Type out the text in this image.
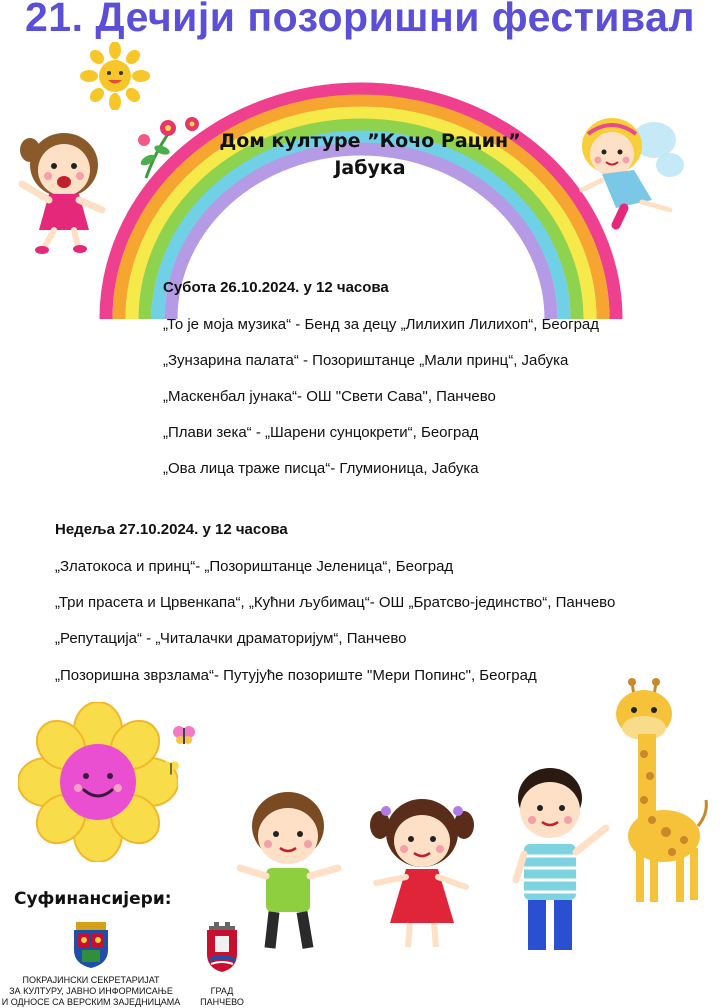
21. Дечији позоришни фестивал
Дом културе ”Кочо Рацин”
Јабука
Субота 26.10.2024. у 12 часова
„То је моја музика“ - Бенд за децу „Лилихип Лилихоп“, Београд
„Зунзарина палата“ - Позориштанце „Мали принц“, Јабука
„Маскенбал јунака“- ОШ "Свети Сава", Панчево
„Плави зека“ - „Шарени сунцокрети“, Београд
„Ова лица траже писца“- Глумионица, Јабука
Недеља 27.10.2024. у 12 часова
„Златокоса и принц“- „Позориштанце Јеленица“, Београд
„Три прасета и Црвенкапа“, „Кућни љубимац“- ОШ „Братсво-јединство“, Панчево
„Репутација“ - „Читалачки драматоријум“, Панчево
„Позоришна зврзлама“- Путујуће позориште "Мери Попинс", Београд
Суфинансијери:
ПОКРАЈИНСКИ СЕКРЕТАРИЈАТ
ЗА КУЛТУРУ, ЈАВНО ИНФОРМИСАЊЕ
И ОДНОСЕ СА ВЕРСКИМ ЗАЈЕДНИЦАМА
ГРАД
ПАНЧЕВО
